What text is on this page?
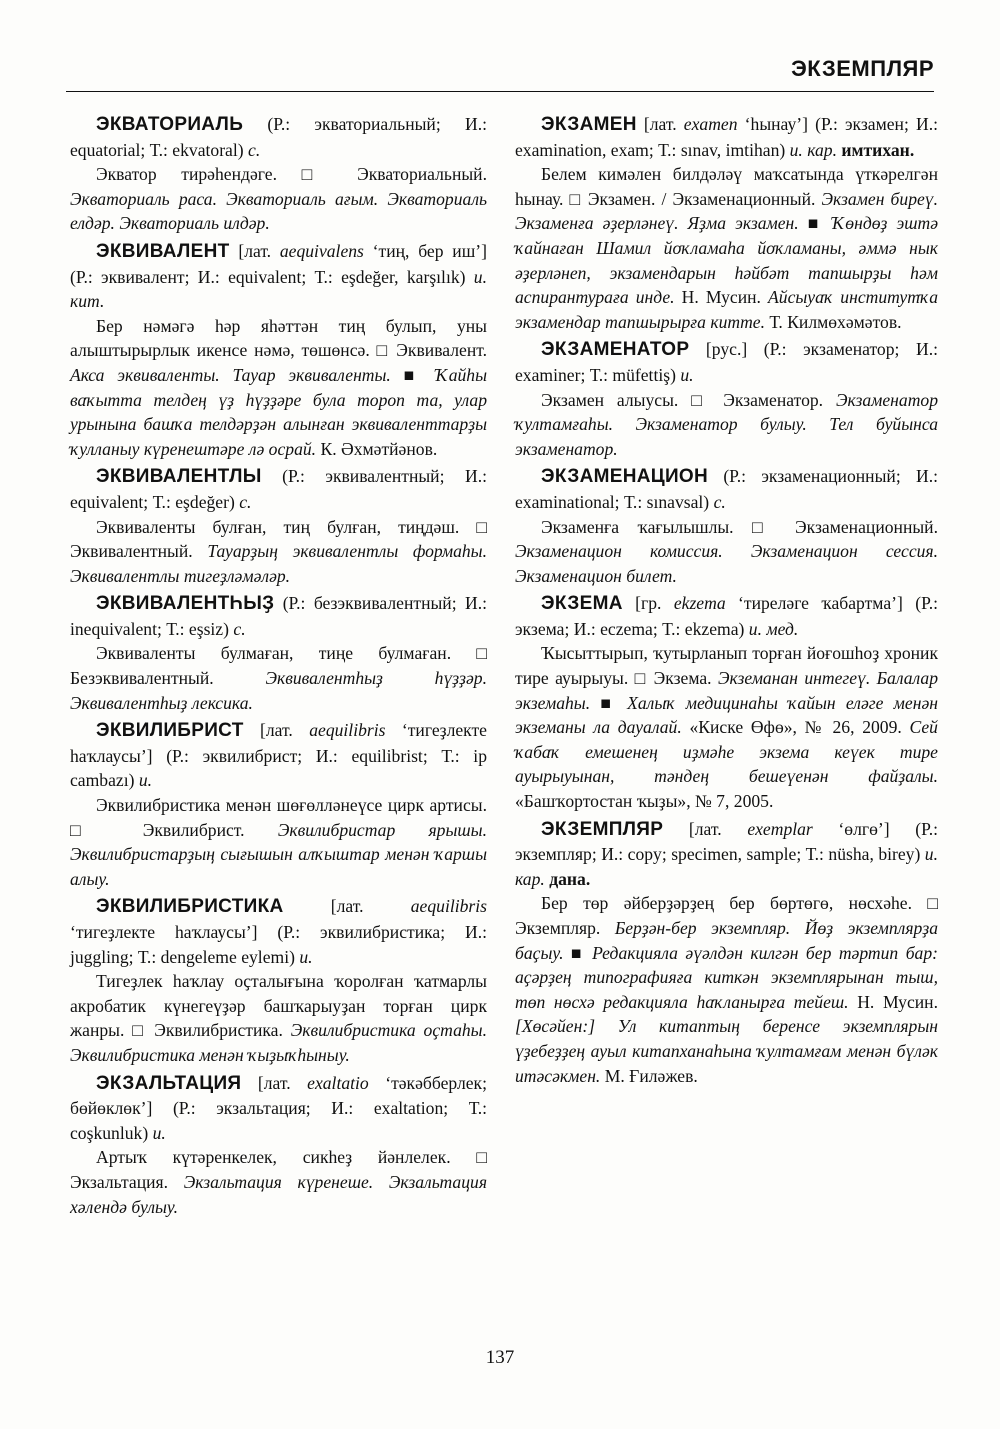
ЭКЗЕМПЛЯР
ЭКВАТОРИАЛЬ (Р.: экваториальный; И.: equatorial; Т.: ekvatoral) с.
Экватор тирәһендәге. □ Экваториальный. Экваториаль раса. Экваториаль ағым. Экваториаль елдәр. Экваториаль илдәр.
ЭКВИВАЛЕНТ [лат. aequivalens ‘тиң, бер иш’] (Р.: эквивалент; И.: equivalent; Т.: eşdeğer, karşılık) и. кит.
Бер нәмәгә һәр яһәттән тиң булып, уны алыштырырлык икенсе нәмә, төшөнсә. □ Эквивалент. Акса эквиваленты. Тауар эквиваленты. ■ Ҡайһы ваҡытта телдең үҙ һүҙҙәре була тороп та, улар урынына башҡа телдәрҙән алынған эквиваленттарҙы ҡулланыу күренештәре лә осрай. К. Әхмәтйәнов.
ЭКВИВАЛЕНТЛЫ (Р.: эквивалентный; И.: equivalent; Т.: eşdeğer) с.
Эквиваленты булған, тиң булған, тиңдәш. □ Эквивалентный. Тауарҙың эквивалентлы формаһы. Эквивалентлы тигеҙләмәләр.
ЭКВИВАЛЕНТҺЫҘ (Р.: безэквивалентный; И.: inequivalent; Т.: eşsiz) с.
Эквиваленты булмаған, тиңе булмаған. □ Безэквивалентный. Эквивалентһыҙ һүҙҙәр. Эквивалентһыҙ лексика.
ЭКВИЛИБРИСТ [лат. aequilibris ‘тигеҙлекте һаҡлаусы’] (Р.: эквилибрист; И.: equilibrist; Т.: ip cambazı) и.
Эквилибристика менән шөғөлләнеүсе цирк артисы. □ Эквилибрист. Эквилибристар ярышы. Эквилибристарҙың сығышын алҡыштар менән ҡаршы алыу.
ЭКВИЛИБРИСТИКА [лат. aequilibris ‘тигеҙлекте һаҡлаусы’] (Р.: эквилибристика; И.: juggling; Т.: dengeleme eylemi) и.
Тигеҙлек һаҡлау оҫталығына ҡоролған ҡатмарлы акробатик күнегеүҙәр башҡарыуҙан торған цирк жанры. □ Эквилибристика. Эквилибристика оҫтаһы. Эквилибристика менән ҡыҙыҡһыныу.
ЭКЗАЛЬТАЦИЯ [лат. exaltatio ‘тәкәбберлек; бөйөклөк’] (Р.: экзальтация; И.: exaltation; Т.: coşkunluk) и.
Артыҡ күтәренкелек, сикһеҙ йәнлелек. □ Экзальтация. Экзальтация күренеше. Экзальтация хәлендә булыу.
ЭКЗАМЕН [лат. examen ‘һынау’] (Р.: экзамен; И.: examination, exam; Т.: sınav, imtihan) и. кар. имтихан.
Белем кимәлен билдәләү маҡсатында үткәрелгән һынау. □ Экзамен. / Экзаменационный. Экзамен биреү. Экзаменға әҙерләнеү. Яҙма экзамен. ■ Ҡөндөҙ эштә ҡайнаған Шамил йоҡламаһа йоҡламаны, әммә нык әҙерләнеп, экзамендарын һәйбәт тапшырҙы һәм аспирантураға инде. Н. Мусин. Айсыуаҡ институтҡа экзамендар тапшырырға китте. Т. Килмөхәмәтов.
ЭКЗАМЕНАТОР [рус.] (Р.: экзаменатор; И.: examiner; Т.: müfettiş) и.
Экзамен алыусы. □ Экзаменатор. Экзаменатор ҡултамғаһы. Экзаменатор булыу. Тел буйынса экзаменатор.
ЭКЗАМЕНАЦИОН (Р.: экзаменационный; И.: examinational; Т.: sınavsal) с.
Экзаменға ҡағылышлы. □ Экзаменационный. Экзаменацион комиссия. Экзаменацион сессия. Экзаменацион билет.
ЭКЗЕМА [гр. ekzema ‘тиреләге ҡабартма’] (Р.: экзема; И.: eczema; Т.: ekzema) и. мед.
Ҡысыттырып, ҡутырланып торған йоғошһоҙ хроник тире ауырыуы. □ Экзема. Экземанан интегеү. Балалар экземаһы. ■ Халыҡ медицинаһы ҡайын еләге менән экземаны ла дауалай. «Киске Өфө», № 26, 2009. Сей ҡабаҡ емешенең иҙмәһе экзема кеүек тире ауырыуынан, тәндең бешеүенән файҙалы. «Башҡортостан ҡыҙы», № 7, 2005.
ЭКЗЕМПЛЯР [лат. exemplar ‘өлгө’] (Р.: экземпляр; И.: copy; specimen, sample; Т.: nüsha, birey) и. кар. дана.
Бер төр әйберҙәрҙең бер бөртөгө, нөсхәһе. □ Экземпляр. Берҙән-бер экземпляр. Йөҙ экземплярҙа баҫыу. ■ Редакцияла әүәлдән килгән бер тәртип бар: аҫәрҙең типографияға киткән экземплярынан тыш, төп нөсхә редакцияла һаҡланырға тейеш. Н. Мусин. [Хөсәйен:] Ул китаптың беренсе экземплярын үҙебеҙҙең ауыл китапханаһына ҡултамғам менән бүләк итәсәкмен. М. Ғиләжев.
137
